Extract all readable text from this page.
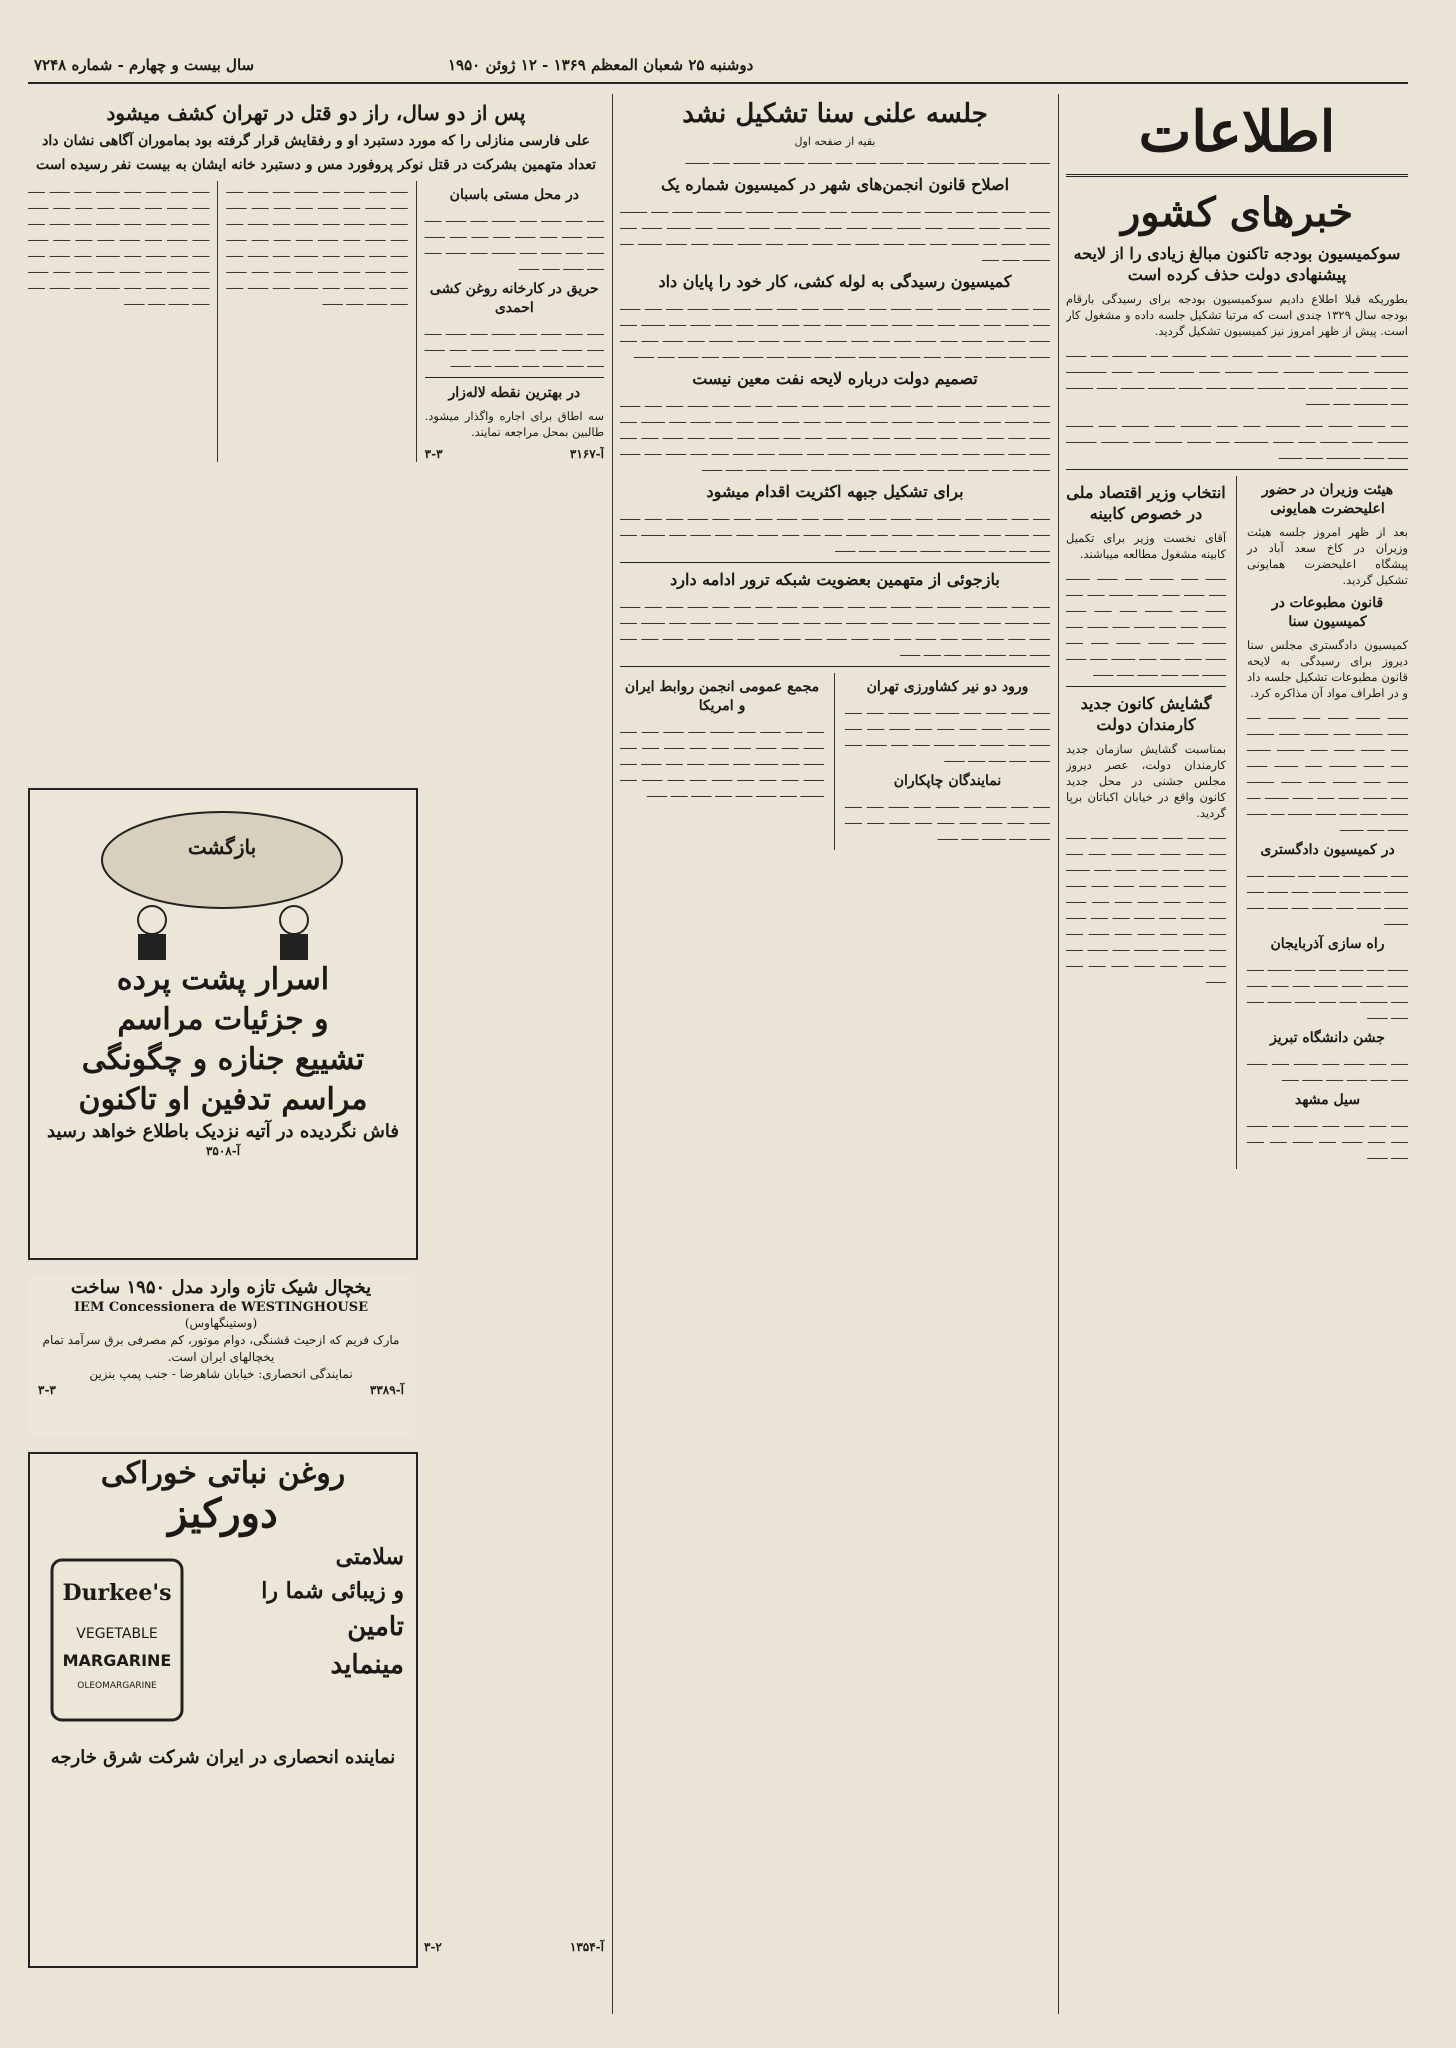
سال بیست و چهارم - شماره ۷۲۴۸	دوشنبه ۲۵ شعبان المعظم ۱۳۶۹ - ۱۲ ژوئن ۱۹۵۰
اطلاعات
خبرهای کشور
سوکمیسیون بودجه تاکنون مبالغ زیادی را از لایحه پیشنهادی دولت حذف کرده است

بطوریکه قبلا اطلاع دادیم سوکمیسیون بودجه برای رسیدگی بارقام بودجه سال ۱۳۲۹ چندی است که مرتبا تشکیل جلسه داده و مشغول کار است. پیش از ظهر امروز نیز کمیسیون تشکیل گردید.

ــــــــ ــــــ ـــــــــــ ــــ ـــــــ ـــــــــ ـــــ ــــــــــ ـــــ ــــــــــ ـــــ ــــــ ــــــــــ ــــــ ـــــــ ـــــــــ ــــــ ــــــــ ــــــ ــــــــــ ـــــ ــــــ ــــــــــــ ـــــ ــــــــ ــــــ ـــــــ ـــــ ــــــــ ـــــــ ــــــ ـــــــ ــــــــ ـــــــ ــــــ ــــــــ ـــــ ــــــــــ ـــــ ـــــــ

ـــــ ــــــــ ـــــــ ـــــ ــــــــــ ـــــ ــــــ ـــــــــ ــــــ ــــــــ ـــــ ــــــــ ـــــــــ ــــــ ــــــــ ـــــ ــــــ ــــــــــ ــــ ـــــــ ــــــــ ـــــ ــــــــ ـــــــــ ــــــ ــــــ ــــــــــ ـــــ ـــــــ

هیئت وزیران در حضور اعلیحضرت همایونی

بعد از ظهر امروز جلسه هیئت وزیران در کاخ سعد آباد در پیشگاه اعلیحضرت همایونی تشکیل گردید.

قانون مطبوعات در کمیسیون سنا

کمیسیون دادگستری مجلس سنا دیروز برای رسیدگی به لایحه قانون مطبوعات تشکیل جلسه داد و در اطراف مواد آن مذاکره کرد.

ــــــ ـــــــ ــــــ ـــــ ــــــــ ــــ ــــــ ــــــــ ـــــ ـــــــ ــــــ ــــــــ ـــــ ـــــــ ــــــ ـــــ ــــــــ ـــــــ ـــــ ــــــ ــــــــ ـــــ ـــــــ ــــــ ــــــ ـــــ ـــــــ ـــــ ــــــ ــــــــ ـــــ ـــــــ ــــــ ـــــ ــــــ ـــــــ ــــ ــــــــ ـــــ ـــــ ــــــ ـــــــ ــــ ــــــ ــــــ ـــــ ـــــــ

در کمیسیون دادگستری

ـــــ ـــــــ ـــــ ــــــ ـــــ ــــــــ ـــــ ـــــــ ـــــ ــــــ ـــــــ ـــــ ــــــ ـــــ ـــــــ ـــــــ ـــــ ــــــ ـــــ ــــــ ـــــ ـــــــ

راه سازی آذربایجان

ــــــ ـــــ ـــــــ ـــــ ــــــ ـــــــ ـــــ ــــــ ـــــ ــــــ ـــــــ ـــــ ـــــ ــــــ ـــــ ــــــــ ـــــ ـــــ ــــــ ـــــــ ـــــ ـــــ ــــــ

جشن دانشگاه تبریز

ـــــ ـــــ ــــــ ـــــ ـــــــ ـــــ ــــــ ـــــ ـــــ ــــــ ـــــ ــــــ ـــــ

سیل مشهد

ـــــ ـــــ ــــــ ـــــ ـــــــ ـــــ ــــــ ـــــ ـــــ ــــــ ـــــ ــــــ ـــــ ـــــ ـــــ ــــــ

انتخاب وزیر اقتصاد ملی در خصوص کابینه

آقای نخست وزیر برای تکمیل کابینه مشغول مطالعه میباشند.

ــــــ ـــــ ـــــــ ـــــ ــــــ ـــــــ ـــــ ــــــ ـــــ ــــــ ـــــــ ـــــ ـــــ ــــــ ـــــ ــــــــ ـــــ ـــــ ــــــ ـــــــ ـــــ ـــــ ــــــ ـــــ ــــــ ـــــ ـــــــ ـــــ ــــــ ـــــــ ـــــ ـــــ ــــــ ـــــ ــــــ ـــــ ـــــــ ـــــ ــــــ ـــــــ ـــــ ـــــ ــــــ ـــــ ــــــ

گشایش کانون جدید کارمندان دولت

بمناسبت گشایش سازمان جدید کارمندان دولت، عصر دیروز مجلس جشنی در محل جدید کانون واقع در خیابان اکباتان برپا گردید.

ـــــ ـــــ ــــــ ـــــ ـــــــ ـــــ ــــــ ـــــ ـــــ ــــــ ـــــ ــــــ ـــــ ـــــ ـــــ ــــــ ـــــ ـــــ ــــــ ـــــ ـــــــ ـــــ ــــــ ـــــ ـــــ ــــــ ـــــ ــــــ ـــــ ـــــ ـــــ ــــــ ـــــ ـــــ ــــــ ـــــ ـــــــ ـــــ ــــــ ـــــ ـــــ ــــــ ـــــ ــــــ ـــــ ـــــ ـــــ ــــــ ـــــ ـــــ ــــــ ـــــ ـــــــ ـــــ ــــــ ـــــ ـــــ ــــــ ـــــ ــــــ ـــــ ـــــ ـــــ ــــــ

جلسه علنی سنا تشکیل نشد
بقیه از صفحه اول

ــــــ ـــــــ ــــــ ـــــ ــــــــ ـــــ ـــــــ ــــــ ـــــ ـــــــ ــــــ ـــــ ــــــــ ـــــ ـــــــ

اصلاح قانون انجمن‌های شهر در کمیسیون شماره یک

ــــــ ـــــــ ــــــ ـــــ ــــــــ ــــ ــــــ ــــــــ ـــــ ـــــــ ــــــ ــــــــ ـــــ ـــــــ ــــــ ـــــ ــــــــ ـــــــ ـــــ ــــــ ــــــــ ـــــ ـــــــ ــــــ ــــــ ـــــ ـــــــ ـــــ ــــــ ــــــــ ـــــ ـــــــ ــــــ ـــــ ــــــ ـــــــ ــــ ــــــــ ـــــ ـــــ ــــــ ـــــــ ــــ ــــــ ــــــ ـــــ ـــــــ ــــــ ـــــ ــــــ ـــــــ ــــ ــــــــ ـــــ ـــــ

کمیسیون رسیدگی به لوله کشی، کار خود را پایان داد

ـــــ ـــــ ــــــ ـــــ ـــــــ ـــــ ــــــ ـــــ ـــــ ــــــ ـــــ ــــــ ـــــ ـــــ ـــــ ــــــ ـــــ ـــــ ــــــ ـــــ ـــــــ ـــــ ــــــ ـــــ ـــــ ــــــ ـــــ ــــــ ـــــ ـــــ ـــــ ــــــ ـــــ ـــــ ــــــ ـــــ ـــــــ ـــــ ــــــ ـــــ ـــــ ــــــ ـــــ ــــــ ـــــ ـــــ ـــــ ــــــ ـــــ ـــــ ــــــ ـــــ ـــــــ ـــــ ــــــ ـــــ ـــــ ــــــ ـــــ ــــــ ـــــ ـــــ ـــــ ــــــ ـــــ ـــــ ــــــ ـــــ ـــــــ ـــــ ــــــ ـــــ ـــــ ــــــ ـــــ ــــــ

تصمیم دولت درباره لایحه نفت معین نیست

ـــــ ـــــ ــــــ ـــــ ـــــــ ـــــ ــــــ ـــــ ـــــ ــــــ ـــــ ــــــ ـــــ ـــــ ـــــ ــــــ ـــــ ـــــ ــــــ ـــــ ـــــــ ـــــ ــــــ ـــــ ـــــ ــــــ ـــــ ــــــ ـــــ ـــــ ـــــ ــــــ ـــــ ـــــ ــــــ ـــــ ـــــــ ـــــ ــــــ ـــــ ـــــ ــــــ ـــــ ــــــ ـــــ ـــــ ـــــ ــــــ ـــــ ـــــ ــــــ ـــــ ـــــــ ـــــ ــــــ ـــــ ـــــ ــــــ ـــــ ــــــ ـــــ ـــــ ـــــ ــــــ ـــــ ـــــ ــــــ ـــــ ـــــــ ـــــ ــــــ ـــــ ـــــ ــــــ ـــــ ــــــ ـــــ ـــــ ـــــ ــــــ ـــــ ـــــ ــــــ ـــــ ـــــــ ـــــ ــــــ ـــــ ـــــ ــــــ ـــــ ــــــ

برای تشکیل جبهه اکثریت اقدام میشود

ـــــ ـــــ ــــــ ـــــ ـــــــ ـــــ ــــــ ـــــ ـــــ ــــــ ـــــ ــــــ ـــــ ـــــ ـــــ ــــــ ـــــ ـــــ ــــــ ـــــ ـــــــ ـــــ ــــــ ـــــ ـــــ ــــــ ـــــ ــــــ ـــــ ـــــ ـــــ ــــــ ـــــ ـــــ ــــــ ـــــ ـــــــ ـــــ ــــــ ـــــ ـــــ ــــــ ـــــ ــــــ ـــــ ـــــ ـــــ ــــــ

بازجوئی از متهمین بعضویت شبکه ترور ادامه دارد

ـــــ ـــــ ــــــ ـــــ ـــــــ ـــــ ــــــ ـــــ ـــــ ــــــ ـــــ ــــــ ـــــ ـــــ ـــــ ــــــ ـــــ ـــــ ــــــ ـــــ ـــــــ ـــــ ــــــ ـــــ ـــــ ــــــ ـــــ ــــــ ـــــ ـــــ ـــــ ــــــ ـــــ ـــــ ــــــ ـــــ ـــــــ ـــــ ــــــ ـــــ ـــــ ــــــ ـــــ ــــــ ـــــ ـــــ ـــــ ــــــ ـــــ ـــــ ــــــ ـــــ ـــــــ ـــــ ــــــ ـــــ ـــــ ــــــ ـــــ ــــــ ـــــ ـــــ ـــــ ــــــ

ورود دو نیر کشاورزی تهران

ـــــ ـــــ ــــــ ـــــ ـــــــ ـــــ ــــــ ـــــ ـــــ ــــــ ـــــ ــــــ ـــــ ـــــ ـــــ ــــــ ـــــ ـــــ ــــــ ـــــ ـــــــ ـــــ ــــــ ـــــ ـــــ ــــــ ـــــ ــــــ ـــــ ـــــ ـــــ ــــــ

نمایندگان چاپکاران

ـــــ ـــــ ــــــ ـــــ ـــــــ ـــــ ــــــ ـــــ ـــــ ــــــ ـــــ ــــــ ـــــ ـــــ ـــــ ــــــ ـــــ ـــــ ــــــ ـــــ ـــــــ ـــــ ــــــ

مجمع عمومی انجمن روابط ایران و امریکا

ـــــ ـــــ ــــــ ـــــ ـــــــ ـــــ ــــــ ـــــ ـــــ ــــــ ـــــ ــــــ ـــــ ـــــ ـــــ ــــــ ـــــ ـــــ ــــــ ـــــ ـــــــ ـــــ ــــــ ـــــ ـــــ ــــــ ـــــ ــــــ ـــــ ـــــ ـــــ ــــــ ـــــ ـــــ ــــــ ـــــ ـــــــ ـــــ ــــــ ـــــ ـــــ ــــــ ـــــ ــــــ

پس از دو سال، راز دو قتل در تهران کشف میشود
علی فارسی منازلی را که مورد دستبرد او و رفقایش قرار گرفته بود بماموران آگاهی نشان داد
تعداد متهمین بشرکت در قتل نوکر پروفورد مس و دستبرد خانه ایشان به بیست نفر رسیده است
در محل مستی باسبان

ـــــ ـــــ ــــــ ـــــ ـــــــ ـــــ ــــــ ـــــ ـــــ ــــــ ـــــ ــــــ ـــــ ـــــ ـــــ ــــــ ـــــ ـــــ ــــــ ـــــ ـــــــ ـــــ ــــــ ـــــ ـــــ ــــــ ـــــ ــــــ

حریق در کارخانه روغن کشی احمدی

ـــــ ـــــ ــــــ ـــــ ـــــــ ـــــ ــــــ ـــــ ـــــ ــــــ ـــــ ــــــ ـــــ ـــــ ـــــ ــــــ ـــــ ـــــ ــــــ ـــــ ـــــــ ـــــ ــــــ

در بهترین نقطه لاله‌زار

سه اطاق برای اجاره واگذار میشود. طالبین بمحل مراجعه نمایند.

آ-۳۱۶۷
۳-۳

ـــــ ـــــ ــــــ ـــــ ـــــــ ـــــ ــــــ ـــــ ـــــ ــــــ ـــــ ــــــ ـــــ ـــــ ـــــ ــــــ ـــــ ـــــ ــــــ ـــــ ـــــــ ـــــ ــــــ ـــــ ـــــ ــــــ ـــــ ــــــ ـــــ ـــــ ـــــ ــــــ ـــــ ـــــ ــــــ ـــــ ـــــــ ـــــ ــــــ ـــــ ـــــ ــــــ ـــــ ــــــ ـــــ ـــــ ـــــ ــــــ ـــــ ـــــ ــــــ ـــــ ـــــــ ـــــ ــــــ ـــــ ـــــ ــــــ ـــــ ــــــ

ـــــ ـــــ ــــــ ـــــ ـــــــ ـــــ ــــــ ـــــ ـــــ ــــــ ـــــ ــــــ ـــــ ـــــ ـــــ ــــــ ـــــ ـــــ ــــــ ـــــ ـــــــ ـــــ ــــــ ـــــ ـــــ ــــــ ـــــ ــــــ ـــــ ـــــ ـــــ ــــــ ـــــ ـــــ ــــــ ـــــ ـــــــ ـــــ ــــــ ـــــ ـــــ ــــــ ـــــ ــــــ ـــــ ـــــ ـــــ ــــــ ـــــ ـــــ ــــــ ـــــ ـــــــ ـــــ ــــــ ـــــ ـــــ ــــــ ـــــ ــــــ

بازگشت
اسرار پشت پرده
و جزئیات مراسم
تشییع جنازه و چگونگی
مراسم تدفین او تاکنون
فاش نگردیده در آتیه نزدیک باطلاع خواهد رسید
آ-۳۵۰۸
یخچال شیک تازه وارد مدل ۱۹۵۰ ساخت
IEM Concessionera de WESTINGHOUSE
(وستینگهاوس)
مارک فریم که ازحیث قشنگی، دوام موتور، کم مصرفی برق سرآمد تمام یخچالهای ایران است.
نمایندگی انحصاری: خیابان شاهرضا - جنب پمپ بنزین
آ-۳۳۸۹
۳-۳
روغن نباتی خوراکی
دورکیز
Durkee's
VEGETABLE
MARGARINE
OLEOMARGARINE
سلامتی
و زیبائی شما را
تامین
مینماید
نماینده انحصاری در ایران شرکت شرق خارجه
آ-۱۳۵۴
۳-۲
